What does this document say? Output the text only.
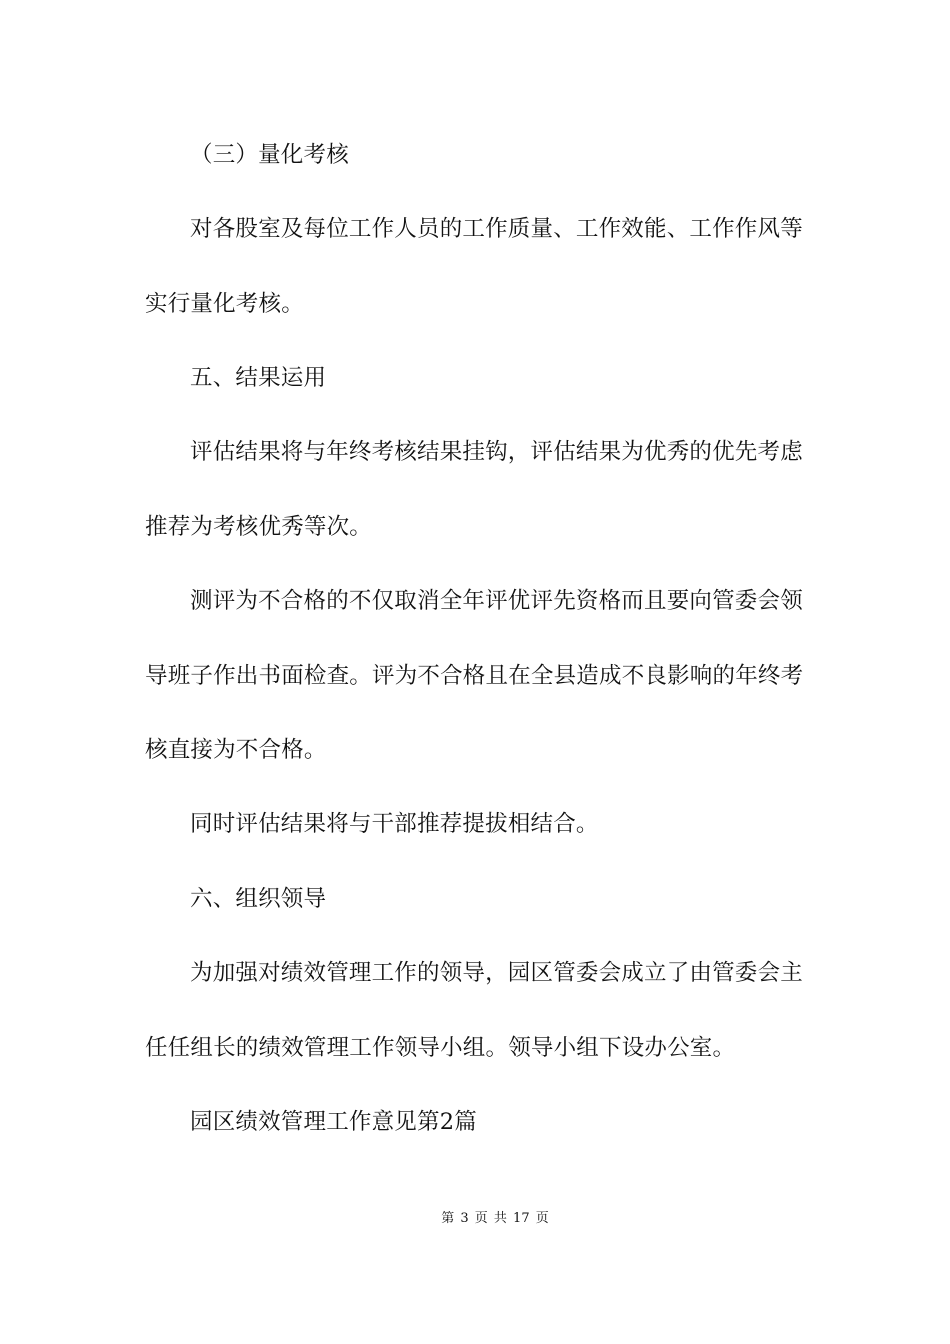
（三）量化考核
对各股室及每位工作人员的工作质量、工作效能、工作作风等
实行量化考核。
五、结果运用
评估结果将与年终考核结果挂钩，评估结果为优秀的优先考虑
推荐为考核优秀等次。
测评为不合格的不仅取消全年评优评先资格而且要向管委会领
导班子作出书面检查。评为不合格且在全县造成不良影响的年终考
核直接为不合格。
同时评估结果将与干部推荐提拔相结合。
六、组织领导
为加强对绩效管理工作的领导，园区管委会成立了由管委会主
任任组长的绩效管理工作领导小组。领导小组下设办公室。
园区绩效管理工作意见第2篇
第 3 页 共 17 页
